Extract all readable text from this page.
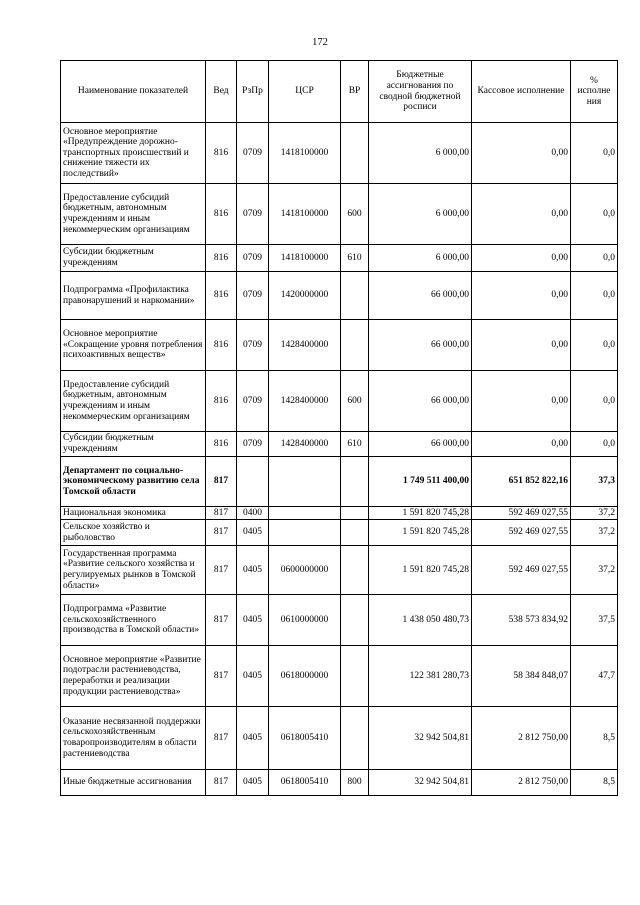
172
Наименование показателей	Вед	РзПр	ЦСР	ВР	Бюджетные ассигнования по сводной бюджетной росписи	Кассовое исполнение	% исполне ния
Основное мероприятие «Предупреждение дорожно-транспортных происшествий и снижение тяжести их последствий»	816	0709	1418100000		6 000,00	0,00	0,0
Предоставление субсидий бюджетным, автономным учреждениям и иным некоммерческим организациям	816	0709	1418100000	600	6 000,00	0,00	0,0
Субсидии бюджетным учреждениям	816	0709	1418100000	610	6 000,00	0,00	0,0
Подпрограмма «Профилактика правонарушений и наркомании»	816	0709	1420000000		66 000,00	0,00	0,0
Основное мероприятие «Сокращение уровня потребления психоактивных веществ»	816	0709	1428400000		66 000,00	0,00	0,0
Предоставление субсидий бюджетным, автономным учреждениям и иным некоммерческим организациям	816	0709	1428400000	600	66 000,00	0,00	0,0
Субсидии бюджетным учреждениям	816	0709	1428400000	610	66 000,00	0,00	0,0
Департамент по социально-экономическому развитию села Томской области	817				1 749 511 400,00	651 852 822,16	37,3
Национальная экономика	817	0400			1 591 820 745,28	592 469 027,55	37,2
Сельское хозяйство и рыболовство	817	0405			1 591 820 745,28	592 469 027,55	37,2
Государственная программа «Развитие сельского хозяйства и регулируемых рынков в Томской области»	817	0405	0600000000		1 591 820 745,28	592 469 027,55	37,2
Подпрограмма «Развитие сельскохозяйственного производства в Томской области»	817	0405	0610000000		1 438 050 480,73	538 573 834,92	37,5
Основное мероприятие «Развитие подотрасли растениеводства, переработки и реализации продукции растениеводства»	817	0405	0618000000		122 381 280,73	58 384 848,07	47,7
Оказание несвязанной поддержки сельскохозяйственным товаропроизводителям в области растениеводства	817	0405	0618005410		32 942 504,81	2 812 750,00	8,5
Иные бюджетные ассигнования	817	0405	0618005410	800	32 942 504,81	2 812 750,00	8,5
